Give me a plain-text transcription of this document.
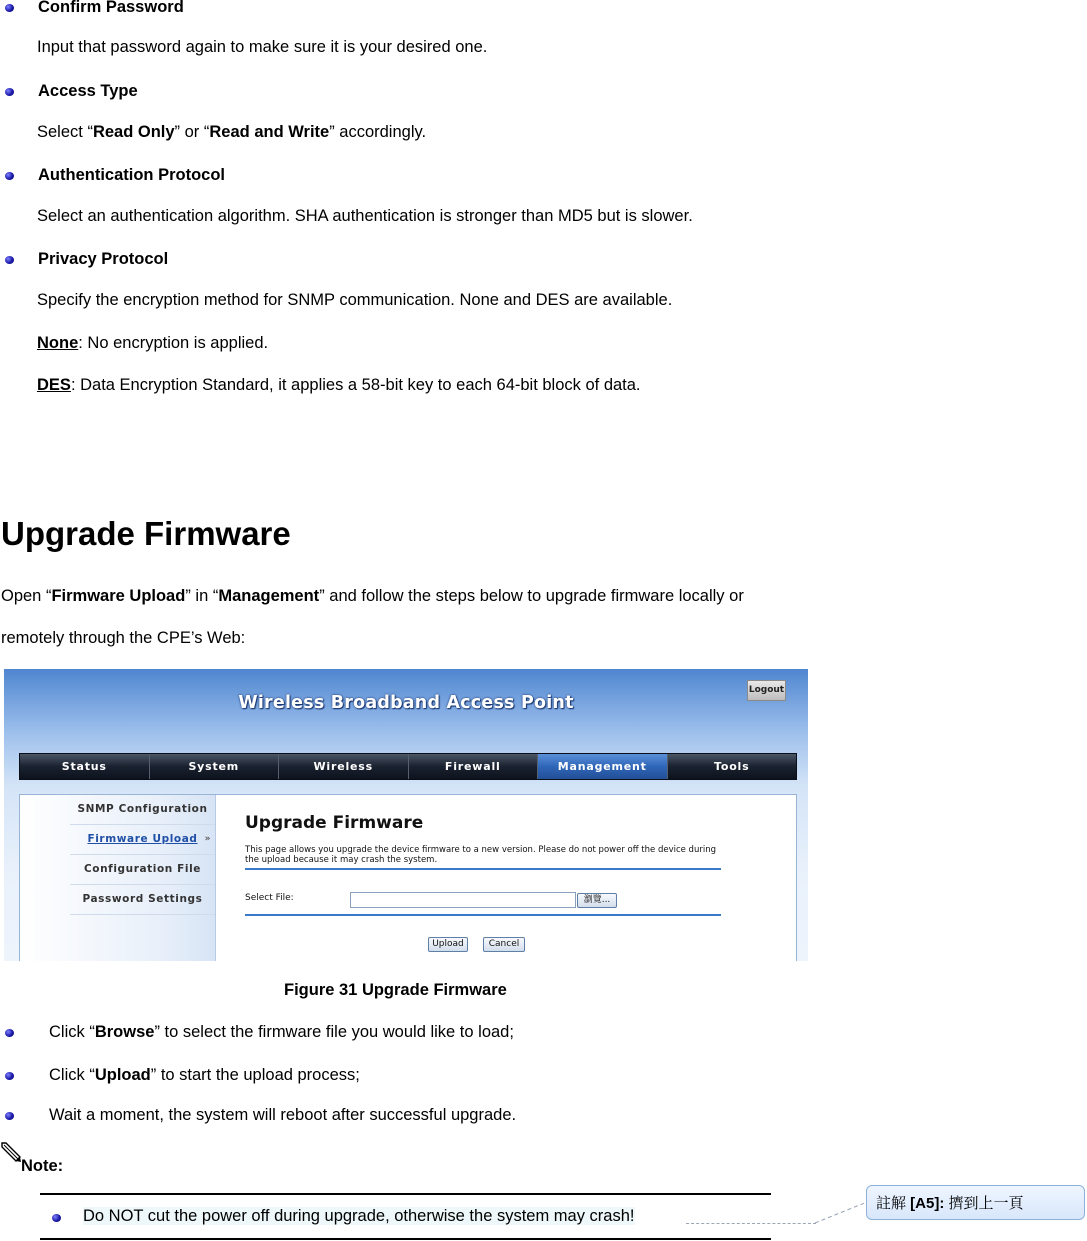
Confirm Password
Input that password again to make sure it is your desired one.
Access Type
Select “Read Only” or “Read and Write” accordingly.
Authentication Protocol
Select an authentication algorithm. SHA authentication is stronger than MD5 but is slower.
Privacy Protocol
Specify the encryption method for SNMP communication. None and DES are available.
None: No encryption is applied.
DES: Data Encryption Standard, it applies a 58-bit key to each 64-bit block of data.
Upgrade Firmware
Open “Firmware Upload” in “Management” and follow the steps below to upgrade firmware locally or
remotely through the CPE’s Web:
Wireless Broadband Access Point
Logout
Status	System	Wireless	Firewall	Management	Tools
SNMP Configuration
Firmware Upload »
Configuration File
Password Settings
Upgrade Firmware
This page allows you upgrade the device firmware to a new version. Please do not power off the device during the upload because it may crash the system.
Select File:	瀏覽...
Upload	Cancel
Figure 31 Upgrade Firmware
Click “Browse” to select the firmware file you would like to load;
Click “Upload” to start the upload process;
Wait a moment, the system will reboot after successful upgrade.
Note:
Do NOT cut the power off during upgrade, otherwise the system may crash!
註解 [A5]: 擠到上一頁
